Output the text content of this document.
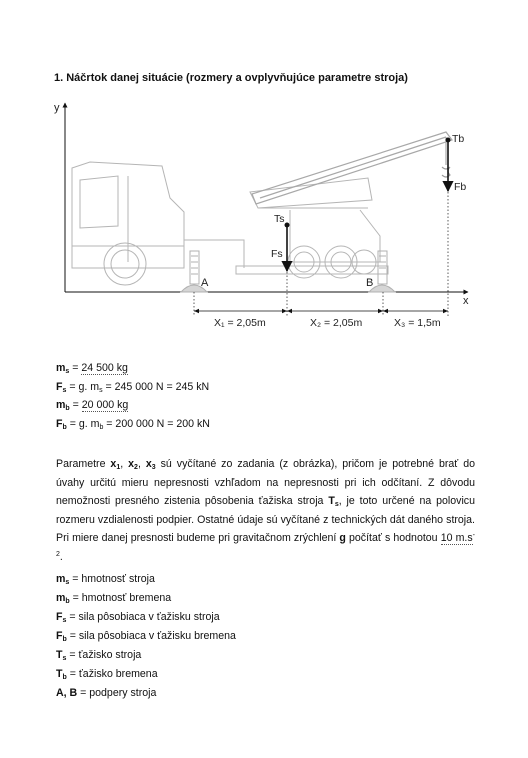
1. Náčrtok danej situácie (rozmery a ovplyvňujúce parametre stroja)
y
x
A	B
Ts
Fs
Tb
Fb
X₁ = 2,05m	X₂ = 2,05m	X₃ = 1,5m
$m_s = 24$ 500 kg
$F_s = g$. $m_s = 245$ 000 N = 245 kN
$m_b = 20$ 000 kg
$F_b = g$. $m_b = 200$ 000 N = 200 kN
Parametre $x_1$, $x_2$, $x_3$ sú vyčítané zo zadania (z obrázka), pričom je potrebné brať do úvahy určitú mieru nepresnosti vzhľadom na nepresnosti pri ich odčítaní. Z dôvodu nemožnosti presného zistenia pôsobenia ťažiska stroja $T_s$, je toto určené na polovicu rozmeru vzdialenosti podpier. Ostatné údaje sú vyčítané z technických dát daného stroja. Pri miere danej presnosti budeme pri gravitačnom zrýchlení g počítať s hodnotou 10 $m.s^{-2}$.
$m_s$ = hmotnosť stroja
$m_b$ = hmotnosť bremena
$F_s$ = sila pôsobiaca v ťažisku stroja
$F_b$ = sila pôsobiaca v ťažisku bremena
$T_s$ = ťažisko stroja
$T_b$ = ťažisko bremena
A, B = podpery stroja
